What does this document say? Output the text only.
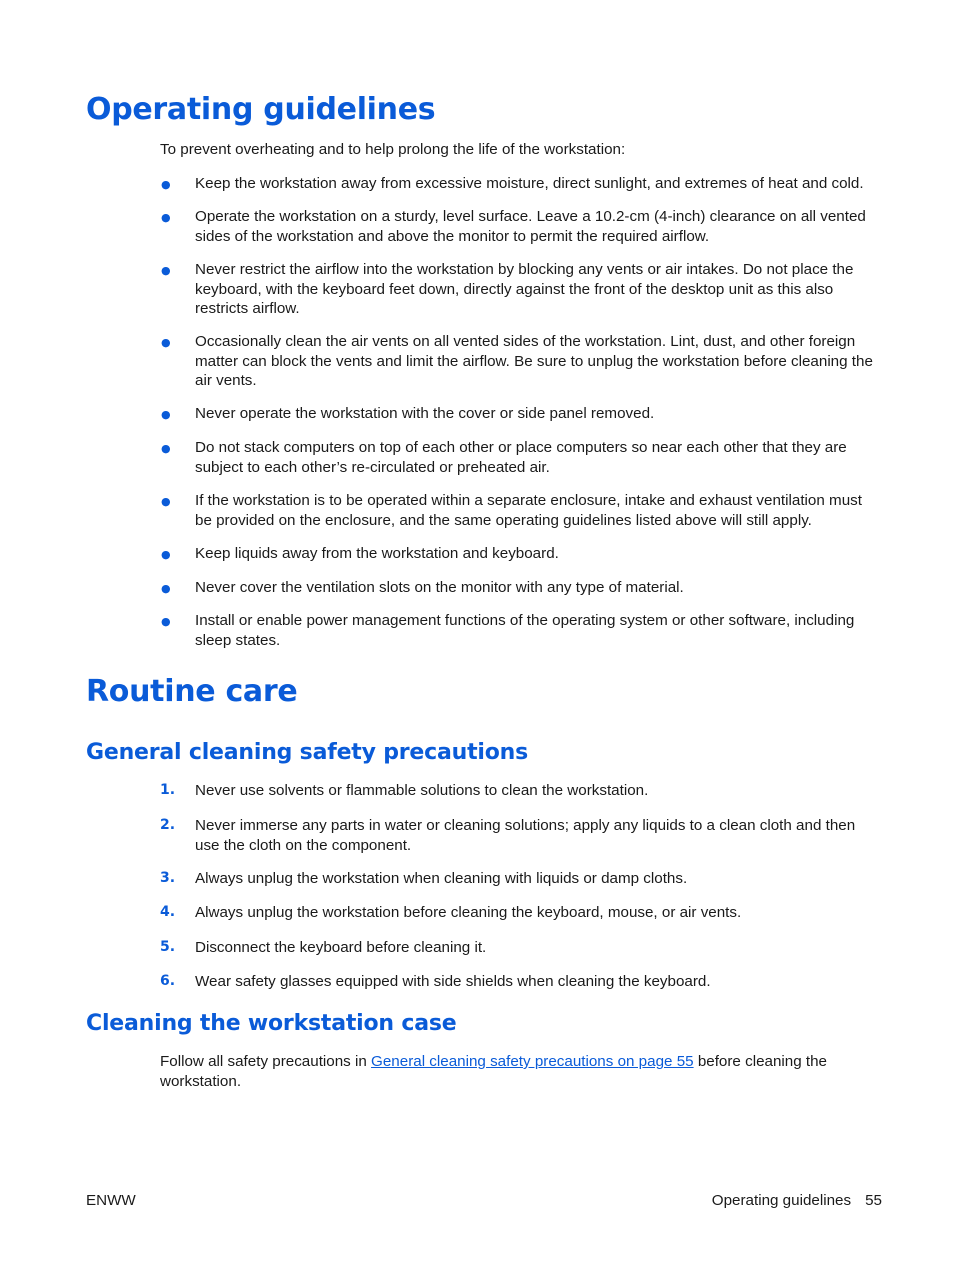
Operating guidelines

To prevent overheating and to help prolong the life of the workstation:

●	Keep the workstation away from excessive moisture, direct sunlight, and extremes of heat and cold.

●	Operate the workstation on a sturdy, level surface. Leave a 10.2-cm (4-inch) clearance on all vented sides of the workstation and above the monitor to permit the required airflow.

●	Never restrict the airflow into the workstation by blocking any vents or air intakes. Do not place the keyboard, with the keyboard feet down, directly against the front of the desktop unit as this also restricts airflow.

●	Occasionally clean the air vents on all vented sides of the workstation. Lint, dust, and other foreign matter can block the vents and limit the airflow. Be sure to unplug the workstation before cleaning the air vents.

●	Never operate the workstation with the cover or side panel removed.

●	Do not stack computers on top of each other or place computers so near each other that they are subject to each other’s re-circulated or preheated air.

●	If the workstation is to be operated within a separate enclosure, intake and exhaust ventilation must be provided on the enclosure, and the same operating guidelines listed above will still apply.

●	Keep liquids away from the workstation and keyboard.

●	Never cover the ventilation slots on the monitor with any type of material.

●	Install or enable power management functions of the operating system or other software, including sleep states.

Routine care
General cleaning safety precautions
1.	Never use solvents or flammable solutions to clean the workstation.

2.	Never immerse any parts in water or cleaning solutions; apply any liquids to a clean cloth and then use the cloth on the component.

3.	Always unplug the workstation when cleaning with liquids or damp cloths.

4.	Always unplug the workstation before cleaning the keyboard, mouse, or air vents.

5.	Disconnect the keyboard before cleaning it.

6.	Wear safety glasses equipped with side shields when cleaning the keyboard.

Cleaning the workstation case

Follow all safety precautions in General cleaning safety precautions on page 55 before cleaning the workstation.

ENWW	Operating guidelines 55
